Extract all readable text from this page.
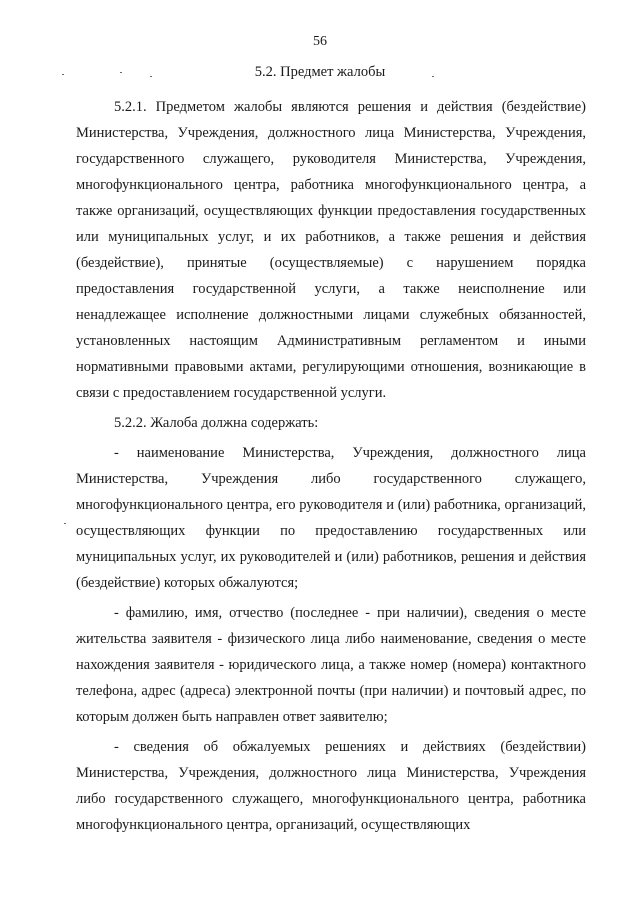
56
5.2. Предмет жалобы

5.2.1. Предметом жалобы являются решения и действия (бездействие) Министерства, Учреждения, должностного лица Министерства, Учреждения, государственного служащего, руководителя Министерства, Учреждения, многофункционального центра, работника многофункционального центра, а также организаций, осуществляющих функции предоставления государственных или муниципальных услуг, и их работников, а также решения и действия (бездействие), принятые (осуществляемые) с нарушением порядка предоставления государственной услуги, а также неисполнение или ненадлежащее исполнение должностными лицами служебных обязанностей, установленных настоящим Административным регламентом и иными нормативными правовыми актами, регулирующими отношения, возникающие в связи с предоставлением государственной услуги.

5.2.2. Жалоба должна содержать:

- наименование Министерства, Учреждения, должностного лица Министерства, Учреждения либо государственного служащего, многофункционального центра, его руководителя и (или) работника, организаций, осуществляющих функции по предоставлению государственных или муниципальных услуг, их руководителей и (или) работников, решения и действия (бездействие) которых обжалуются;

- фамилию, имя, отчество (последнее - при наличии), сведения о месте жительства заявителя - физического лица либо наименование, сведения о месте нахождения заявителя - юридического лица, а также номер (номера) контактного телефона, адрес (адреса) электронной почты (при наличии) и почтовый адрес, по которым должен быть направлен ответ заявителю;

- сведения об обжалуемых решениях и действиях (бездействии) Министерства, Учреждения, должностного лица Министерства, Учреждения либо государственного служащего, многофункционального центра, работника многофункционального центра, организаций, осуществляющих
